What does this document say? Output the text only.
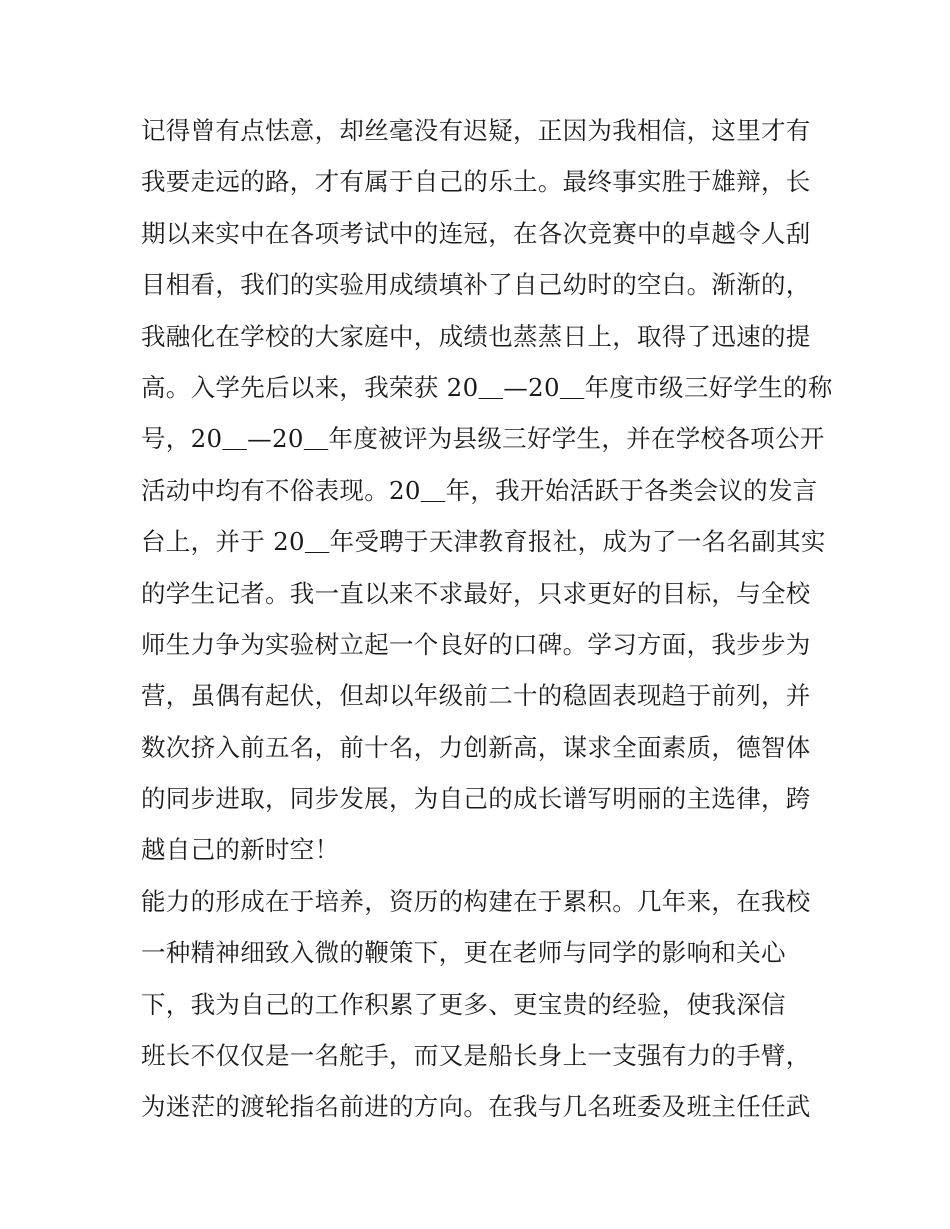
记得曾有点怯意，却丝毫没有迟疑，正因为我相信，这里才有
我要走远的路，才有属于自己的乐土。最终事实胜于雄辩，长
期以来实中在各项考试中的连冠，在各次竞赛中的卓越令人刮
目相看，我们的实验用成绩填补了自己幼时的空白。渐渐的，
我融化在学校的大家庭中，成绩也蒸蒸日上，取得了迅速的提
高。入学先后以来，我荣获 20＿—20＿年度市级三好学生的称
号，20＿—20＿年度被评为县级三好学生，并在学校各项公开
活动中均有不俗表现。20＿年，我开始活跃于各类会议的发言
台上，并于 20＿年受聘于天津教育报社，成为了一名名副其实
的学生记者。我一直以来不求最好，只求更好的目标，与全校
师生力争为实验树立起一个良好的口碑。学习方面，我步步为
营，虽偶有起伏，但却以年级前二十的稳固表现趋于前列，并
数次挤入前五名，前十名，力创新高，谋求全面素质，德智体
的同步进取，同步发展，为自己的成长谱写明丽的主选律，跨
越自己的新时空！
能力的形成在于培养，资历的构建在于累积。几年来，在我校
一种精神细致入微的鞭策下，更在老师与同学的影响和关心
下，我为自己的工作积累了更多、更宝贵的经验，使我深信
班长不仅仅是一名舵手，而又是船长身上一支强有力的手臂，
为迷茫的渡轮指名前进的方向。在我与几名班委及班主任任武
